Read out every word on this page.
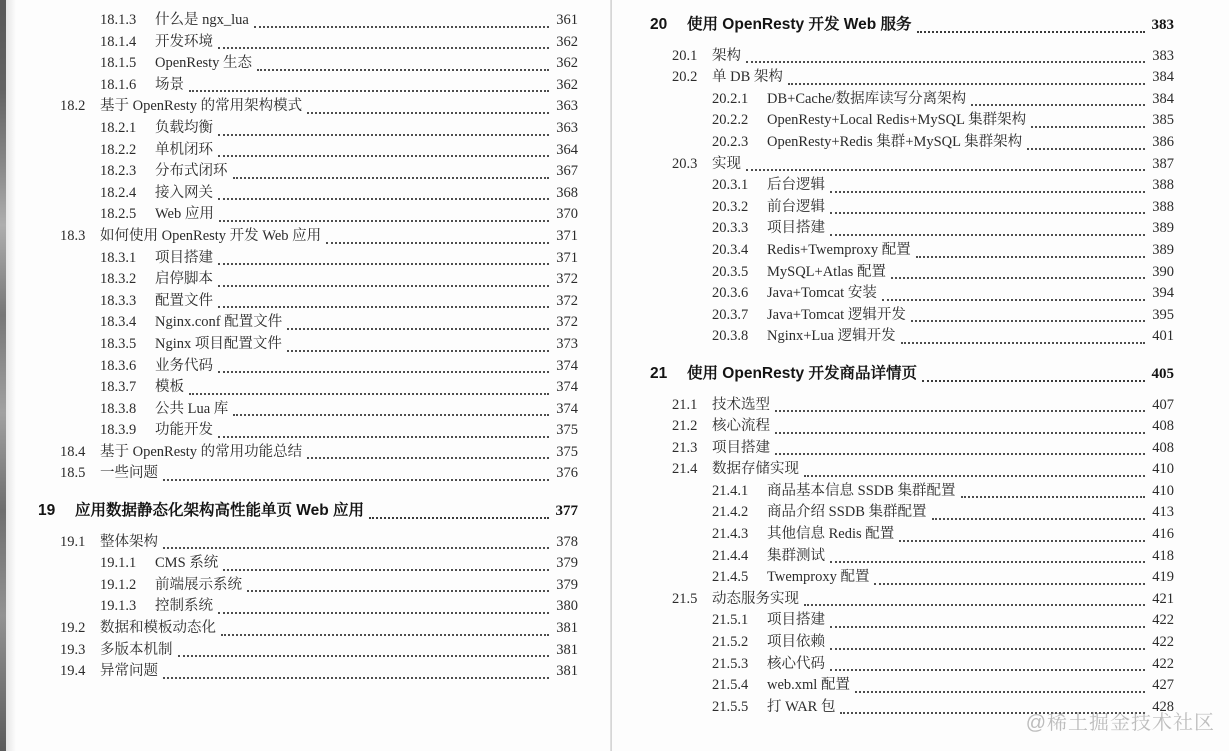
18.1.3	什么是 ngx_lua	361
18.1.4	开发环境	362
18.1.5	OpenResty 生态	362
18.1.6	场景	362
18.2	基于 OpenResty 的常用架构模式	363
18.2.1	负载均衡	363
18.2.2	单机闭环	364
18.2.3	分布式闭环	367
18.2.4	接入网关	368
18.2.5	Web 应用	370
18.3	如何使用 OpenResty 开发 Web 应用	371
18.3.1	项目搭建	371
18.3.2	启停脚本	372
18.3.3	配置文件	372
18.3.4	Nginx.conf 配置文件	372
18.3.5	Nginx 项目配置文件	373
18.3.6	业务代码	374
18.3.7	模板	374
18.3.8	公共 Lua 库	374
18.3.9	功能开发	375
18.4	基于 OpenResty 的常用功能总结	375
18.5	一些问题	376
19	应用数据静态化架构高性能单页 Web 应用	377
19.1	整体架构	378
19.1.1	CMS 系统	379
19.1.2	前端展示系统	379
19.1.3	控制系统	380
19.2	数据和模板动态化	381
19.3	多版本机制	381
19.4	异常问题	381
20	使用 OpenResty 开发 Web 服务	383
20.1	架构	383
20.2	单 DB 架构	384
20.2.1	DB+Cache/数据库读写分离架构	384
20.2.2	OpenResty+Local Redis+MySQL 集群架构	385
20.2.3	OpenResty+Redis 集群+MySQL 集群架构	386
20.3	实现	387
20.3.1	后台逻辑	388
20.3.2	前台逻辑	388
20.3.3	项目搭建	389
20.3.4	Redis+Twemproxy 配置	389
20.3.5	MySQL+Atlas 配置	390
20.3.6	Java+Tomcat 安装	394
20.3.7	Java+Tomcat 逻辑开发	395
20.3.8	Nginx+Lua 逻辑开发	401
21	使用 OpenResty 开发商品详情页	405
21.1	技术选型	407
21.2	核心流程	408
21.3	项目搭建	408
21.4	数据存储实现	410
21.4.1	商品基本信息 SSDB 集群配置	410
21.4.2	商品介绍 SSDB 集群配置	413
21.4.3	其他信息 Redis 配置	416
21.4.4	集群测试	418
21.4.5	Twemproxy 配置	419
21.5	动态服务实现	421
21.5.1	项目搭建	422
21.5.2	项目依赖	422
21.5.3	核心代码	422
21.5.4	web.xml 配置	427
21.5.5	打 WAR 包	428
@稀土掘金技术社区
